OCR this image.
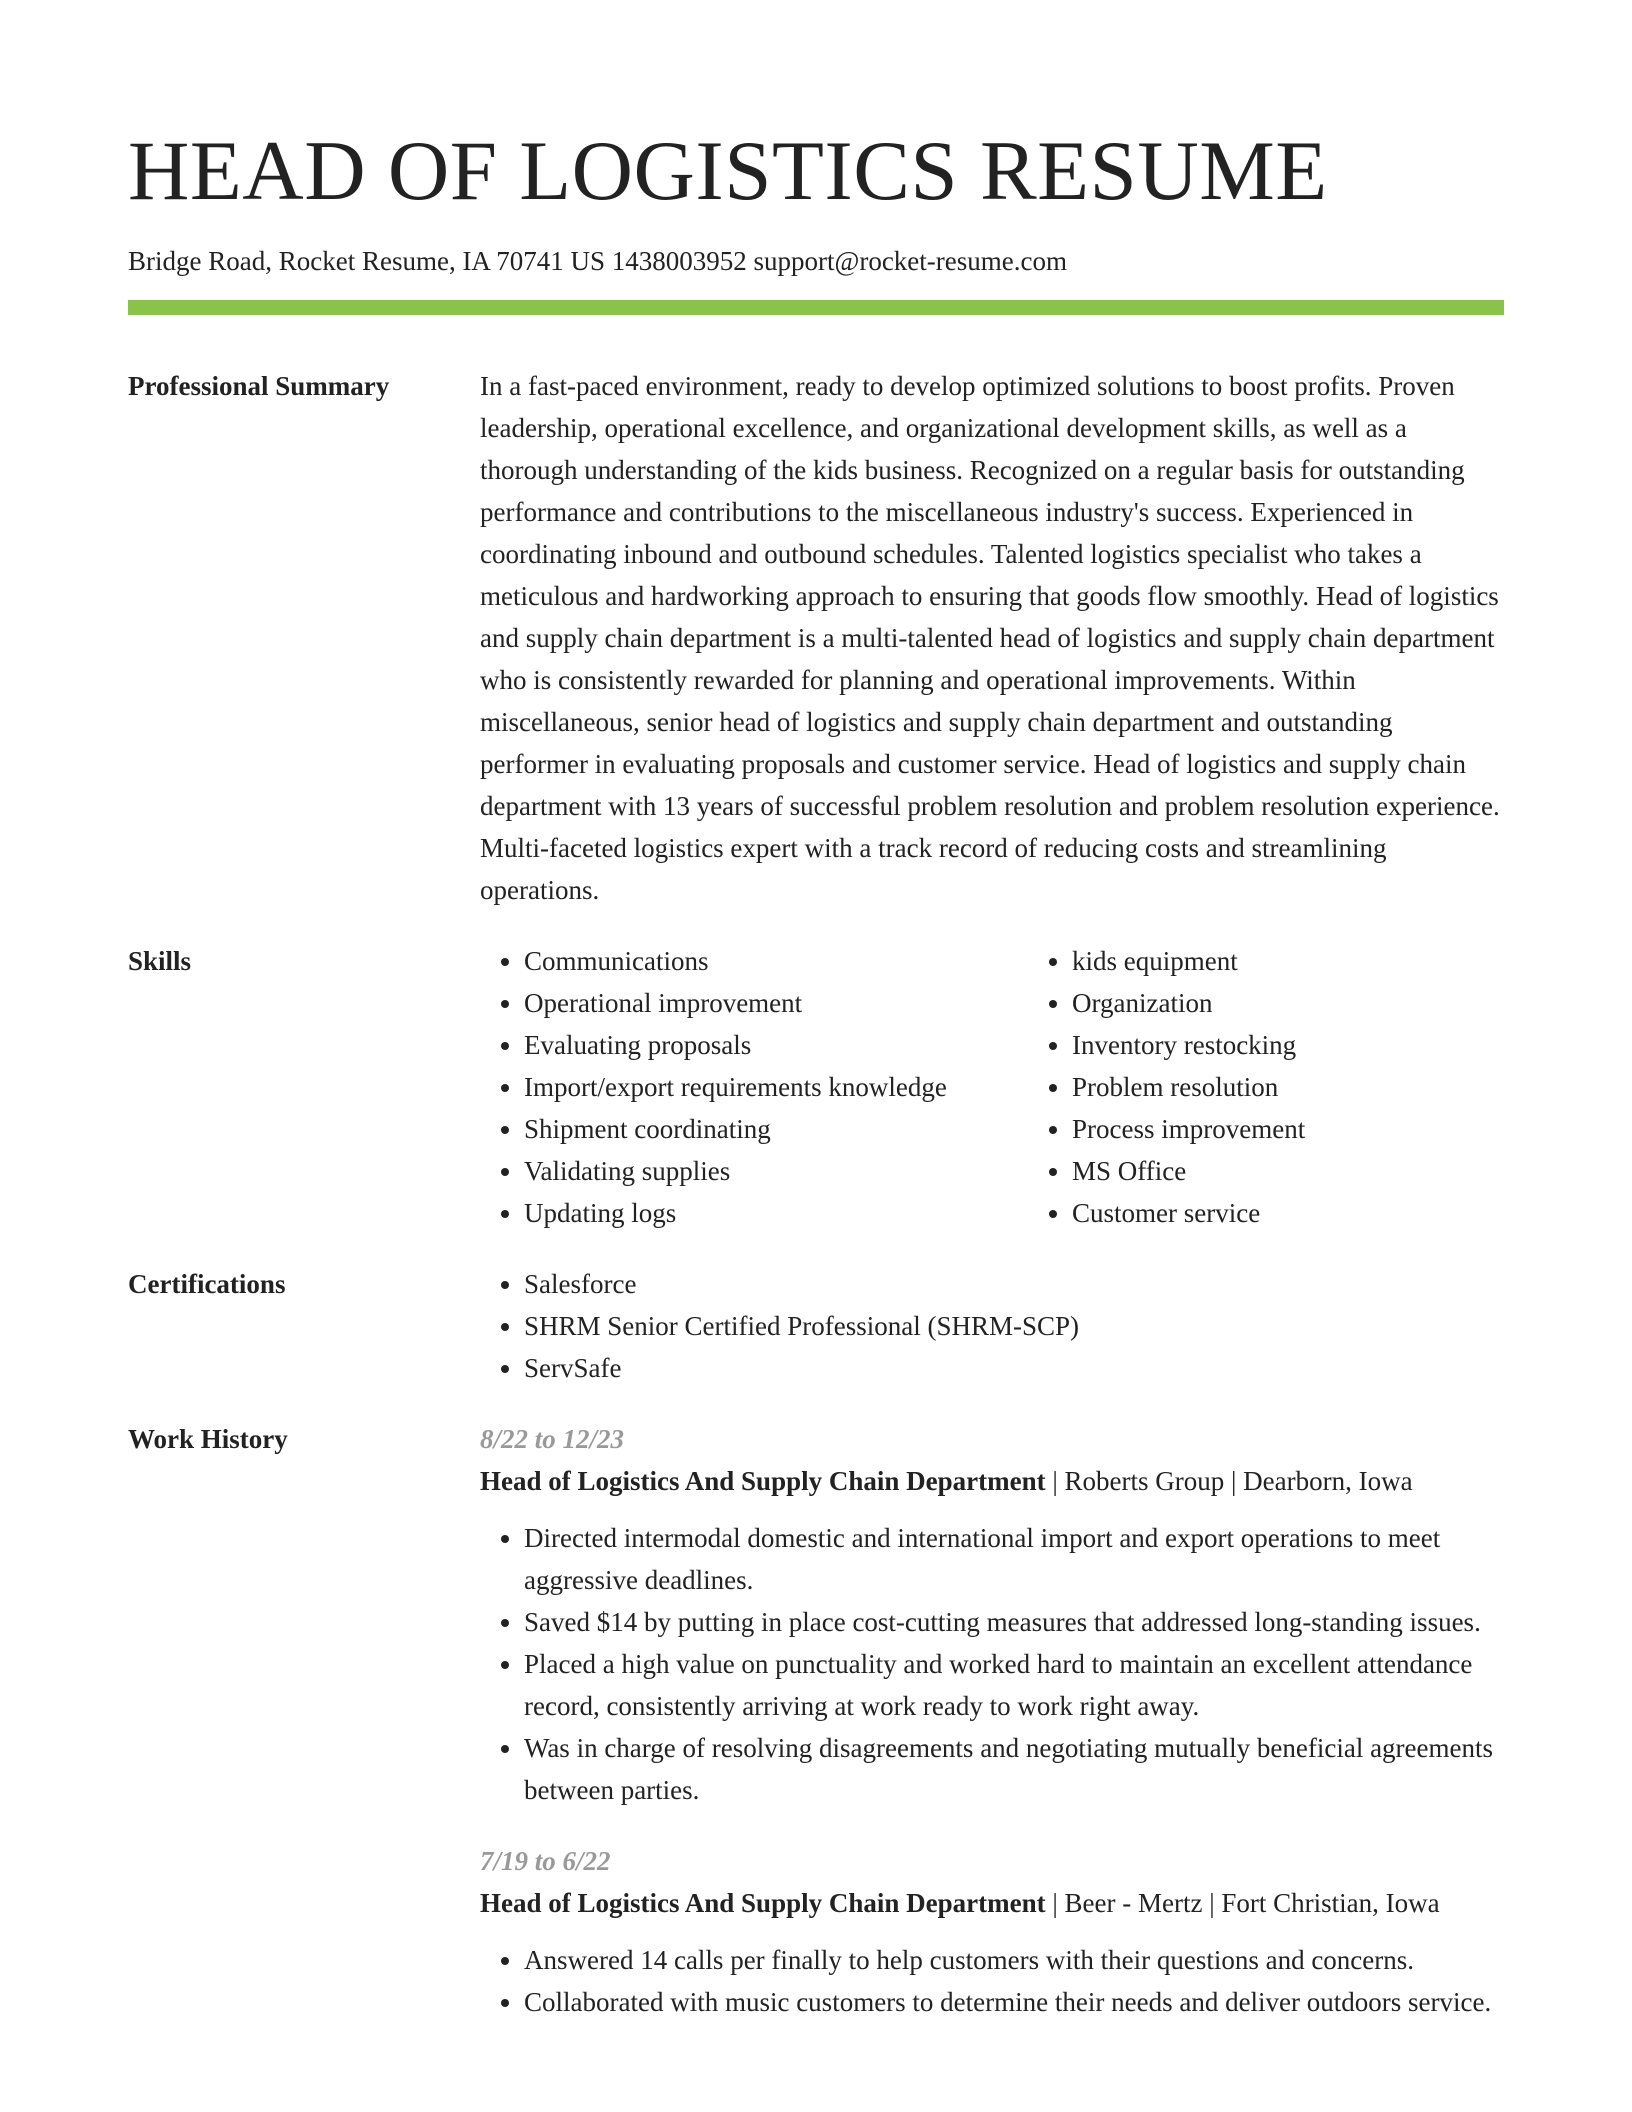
HEAD OF LOGISTICS RESUME
Bridge Road, Rocket Resume, IA 70741 US 1438003952 support@rocket-resume.com
Professional Summary	In a fast-paced environment, ready to develop optimized solutions to boost profits. Proven leadership, operational excellence, and organizational development skills, as well as a thorough understanding of the kids business. Recognized on a regular basis for outstanding performance and contributions to the miscellaneous industry's success. Experienced in coordinating inbound and outbound schedules. Talented logistics specialist who takes a meticulous and hardworking approach to ensuring that goods flow smoothly. Head of logistics and supply chain department is a multi-talented head of logistics and supply chain department who is consistently rewarded for planning and operational improvements. Within miscellaneous, senior head of logistics and supply chain department and outstanding performer in evaluating proposals and customer service. Head of logistics and supply chain department with 13 years of successful problem resolution and problem resolution experience. Multi-faceted logistics expert with a track record of reducing costs and streamlining operations.

Skills	• Communications
• Operational improvement
• Evaluating proposals
• Import/export requirements knowledge
• Shipment coordinating
• Validating supplies
• Updating logs
• kids equipment
• Organization
• Inventory restocking
• Problem resolution
• Process improvement
• MS Office
• Customer service
Certifications	• Salesforce
• SHRM Senior Certified Professional (SHRM-SCP)
• ServSafe
Work History	8/22 to 12/23
Head of Logistics And Supply Chain Department | Roberts Group | Dearborn, Iowa
• Directed intermodal domestic and international import and export operations to meet aggressive deadlines.
• Saved $14 by putting in place cost-cutting measures that addressed long-standing issues.
• Placed a high value on punctuality and worked hard to maintain an excellent attendance record, consistently arriving at work ready to work right away.
• Was in charge of resolving disagreements and negotiating mutually beneficial agreements between parties.
7/19 to 6/22
Head of Logistics And Supply Chain Department | Beer - Mertz | Fort Christian, Iowa
• Answered 14 calls per finally to help customers with their questions and concerns.
• Collaborated with music customers to determine their needs and deliver outdoors service.
